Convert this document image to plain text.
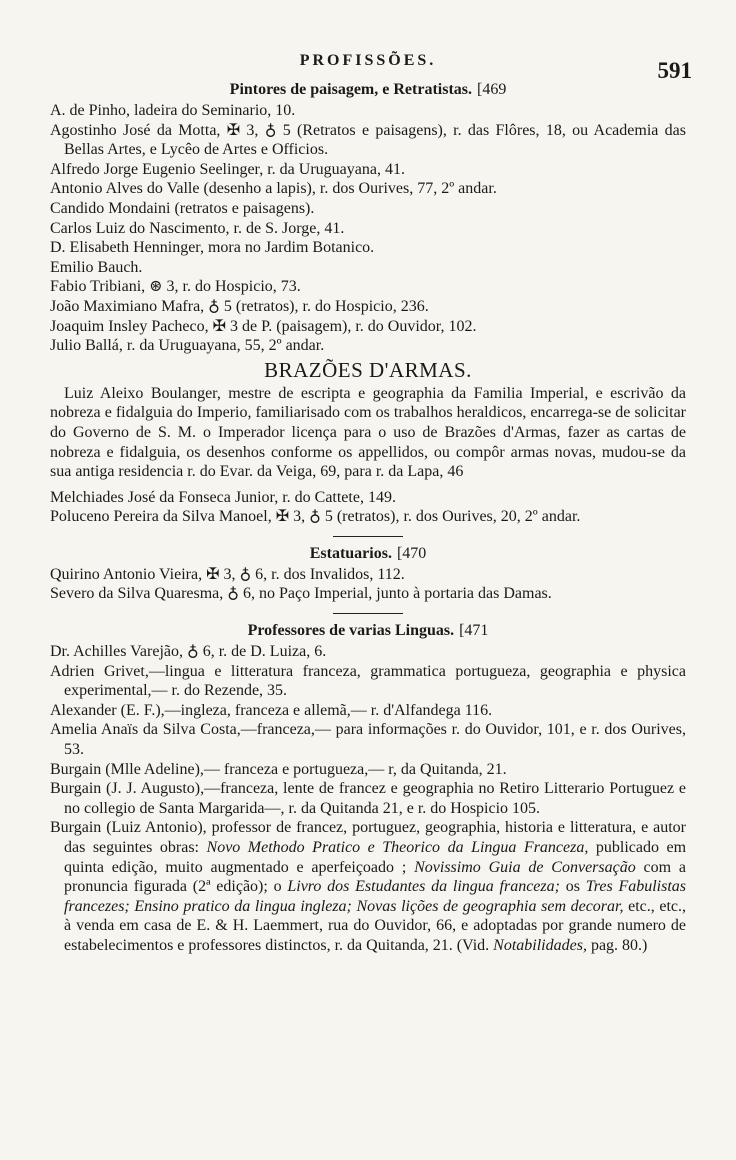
PROFISSÕES.	591
Pintores de paisagem, e Retratistas. [469
A. de Pinho, ladeira do Seminario, 10.
Agostinho José da Motta, ✠ 3, ♁ 5 (Retratos e paisagens), r. das Flôres, 18, ou Academia das Bellas Artes, e Lycêo de Artes e Officios.
Alfredo Jorge Eugenio Seelinger, r. da Uruguayana, 41.
Antonio Alves do Valle (desenho a lapis), r. dos Ourives, 77, 2º andar.
Candido Mondaini (retratos e paisagens).
Carlos Luiz do Nascimento, r. de S. Jorge, 41.
D. Elisabeth Henninger, mora no Jardim Botanico.
Emilio Bauch.
Fabio Tribiani, ⊛ 3, r. do Hospicio, 73.
João Maximiano Mafra, ♁ 5 (retratos), r. do Hospicio, 236.
Joaquim Insley Pacheco, ✠ 3 de P. (paisagem), r. do Ouvidor, 102.
Julio Ballá, r. da Uruguayana, 55, 2º andar.
BRAZÕES D'ARMAS.
Luiz Aleixo Boulanger, mestre de escripta e geographia da Familia Imperial, e escrivão da nobreza e fidalguia do Imperio, familiarisado com os trabalhos heraldicos, encarrega-se de solicitar do Governo de S. M. o Imperador licença para o uso de Brazões d'Armas, fazer as cartas de nobreza e fidalguia, os desenhos conforme os appellidos, ou compôr armas novas, mudou-se da sua antiga residencia r. do Evar. da Veiga, 69, para r. da Lapa, 46
Melchiades José da Fonseca Junior, r. do Cattete, 149.
Poluceno Pereira da Silva Manoel, ✠ 3, ♁ 5 (retratos), r. dos Ourives, 20, 2º andar.
Estatuarios. [470
Quirino Antonio Vieira, ✠ 3, ♁ 6, r. dos Invalidos, 112.
Severo da Silva Quaresma, ♁ 6, no Paço Imperial, junto à portaria das Damas.
Professores de varias Linguas. [471
Dr. Achilles Varejão, ♁ 6, r. de D. Luiza, 6.
Adrien Grivet,—lingua e litteratura franceza, grammatica portugueza, geographia e physica experimental,— r. do Rezende, 35.
Alexander (E. F.),—ingleza, franceza e allemã,— r. d'Alfandega 116.
Amelia Anaïs da Silva Costa,—franceza,— para informações r. do Ouvidor, 101, e r. dos Ourives, 53.
Burgain (Mlle Adeline),— franceza e portugueza,— r, da Quitanda, 21.
Burgain (J. J. Augusto),—franceza, lente de francez e geographia no Retiro Litterario Portuguez e no collegio de Santa Margarida—, r. da Quitanda 21, e r. do Hospicio 105.
Burgain (Luiz Antonio), professor de francez, portuguez, geographia, historia e litteratura, e autor das seguintes obras: Novo Methodo Pratico e Theorico da Lingua Franceza, publicado em quinta edição, muito augmentado e aperfeiçoado ; Novissimo Guia de Conversação com a pronuncia figurada (2ª edição); o Livro dos Estudantes da lingua franceza; os Tres Fabulistas francezes; Ensino pratico da lingua ingleza; Novas lições de geographia sem decorar, etc., etc., à venda em casa de E. & H. Laemmert, rua do Ouvidor, 66, e adoptadas por grande numero de estabelecimentos e professores distinctos, r. da Quitanda, 21. (Vid. Notabilidades, pag. 80.)
